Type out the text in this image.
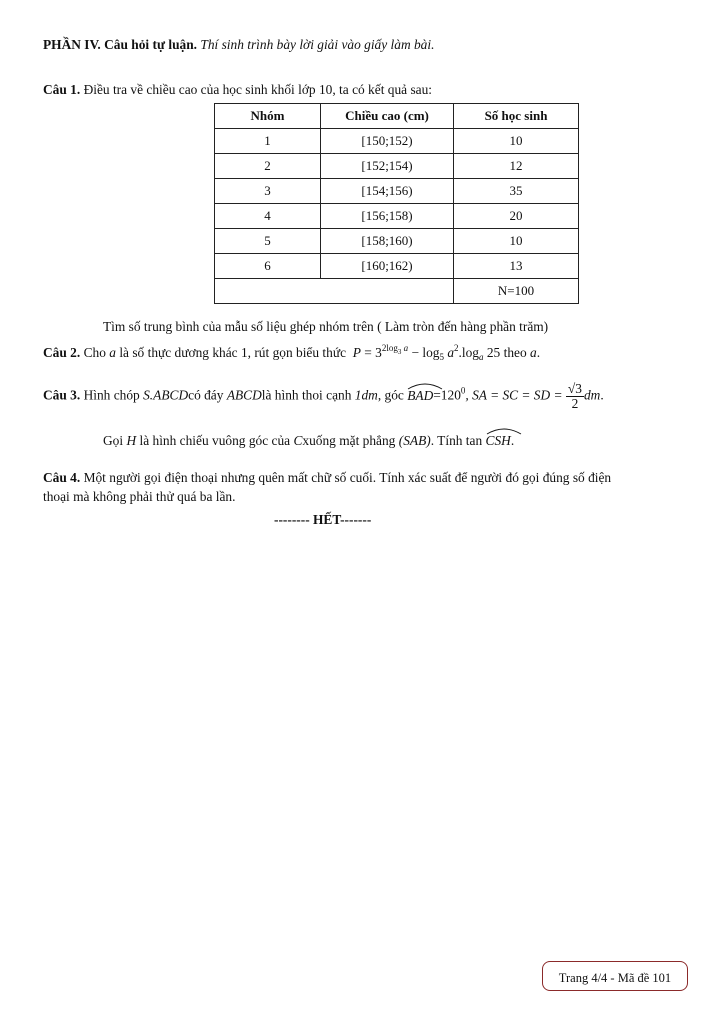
PHẦN IV. Câu hỏi tự luận. Thí sinh trình bày lời giải vào giấy làm bài.
Câu 1. Điều tra về chiều cao của học sinh khối lớp 10, ta có kết quả sau:
Nhóm	Chiều cao (cm)	Số học sinh
1	[150;152)	10
2	[152;154)	12
3	[154;156)	35
4	[156;158)	20
5	[158;160)	10
6	[160;162)	13
		N=100
Tìm số trung bình của mẫu số liệu ghép nhóm trên ( Làm tròn đến hàng phần trăm)
Câu 2. Cho a là số thực dương khác 1, rút gọn biểu thức  $P = 3^{2log_3 a} - \log_5 a^2.\log_a$ 25 theo a.
Câu 3. Hình chóp S.ABCDcó đáy ABCDlà hình thoi cạnh 1dm, góc $BAD=120^0$, SA = SC = SD = $\frac{√3}{2}$ dm.
Gọi H là hình chiếu vuông góc của Cxuống mặt phẳng (SAB). Tính tan CSH.
Câu 4. Một người gọi điện thoại nhưng quên mất chữ số cuối. Tính xác suất để người đó gọi đúng số điện
thoại mà không phải thử quá ba lần.
-------- HẾT-------
Trang 4/4 - Mã đề 101
